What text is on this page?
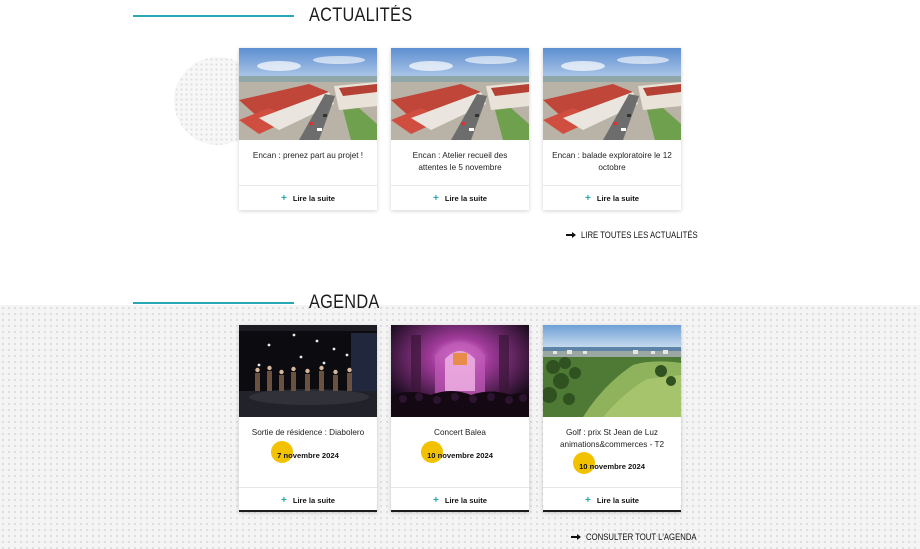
ACTUALITÉS

Encan : prenez part au projet !

+ Lire la suite

Encan : Atelier recueil des attentes le 5 novembre

+ Lire la suite

Encan : balade exploratoire le 12 octobre

+ Lire la suite
LIRE TOUTES LES ACTUALITÉS
AGENDA

Sortie de résidence : Diabolero

7 novembre 2024
+ Lire la suite

Concert Balea

10 novembre 2024
+ Lire la suite

Golf : prix St Jean de Luz animations&commerces - T2

10 novembre 2024
+ Lire la suite
CONSULTER TOUT L'AGENDA
